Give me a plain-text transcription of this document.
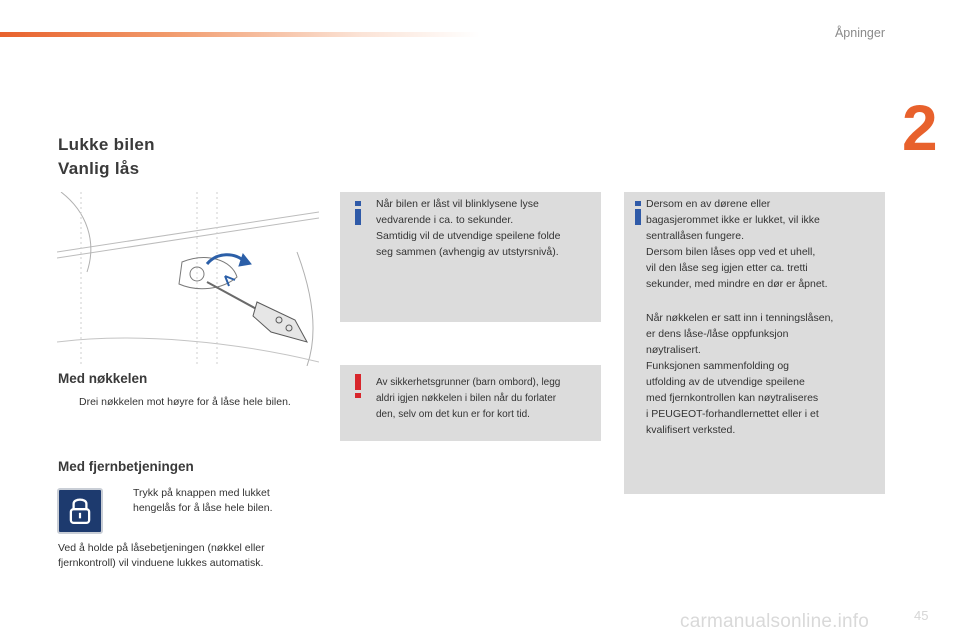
Åpninger
2
Lukke bilen
Vanlig lås
Med nøkkelen
Drei nøkkelen mot høyre for å låse hele bilen.
Med fjernbetjeningen
Trykk på knappen med lukket hengelås for å låse hele bilen.
Ved å holde på låsebetjeningen (nøkkel eller fjernkontroll) vil vinduene lukkes automatisk.

Når bilen er låst vil blinklysene lyse
vedvarende i ca. to sekunder.
Samtidig vil de utvendige speilene folde
seg sammen (avhengig av utstyrsnivå).

Av sikkerhetsgrunner (barn ombord), legg
aldri igjen nøkkelen i bilen når du forlater
den, selv om det kun er for kort tid.

Dersom en av dørene eller
bagasjerommet ikke er lukket, vil ikke
sentrallåsen fungere.
Dersom bilen låses opp ved et uhell,
vil den låse seg igjen etter ca. tretti
sekunder, med mindre en dør er åpnet.

Når nøkkelen er satt inn i tenningslåsen,
er dens låse-/låse oppfunksjon
nøytralisert.
Funksjonen sammenfolding og
utfolding av de utvendige speilene
med fjernkontrollen kan nøytraliseres
i PEUGEOT-forhandlernettet eller i et
kvalifisert verksted.

carmanualsonline.info	45
